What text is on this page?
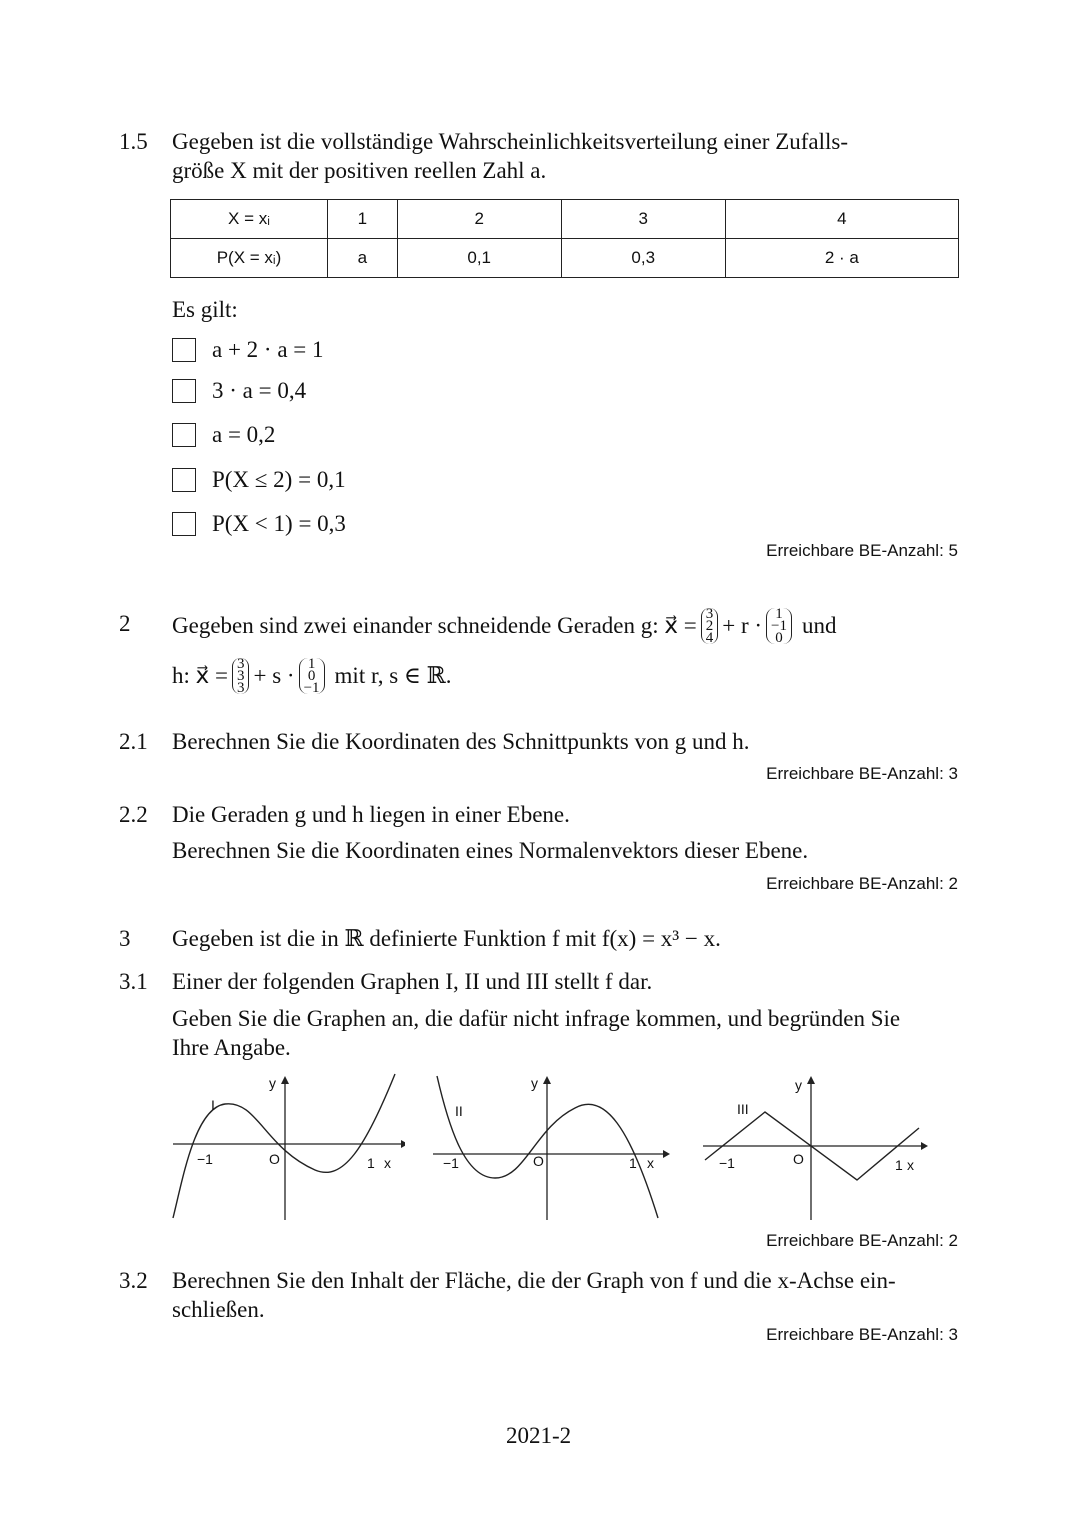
1.5 Gegeben ist die vollständige Wahrscheinlichkeitsverteilung einer Zufalls-
größe X mit der positiven reellen Zahl a.
X = xᵢ	1	2	3	4
P(X = xᵢ)	a	0,1	0,3	2 · a
Es gilt:
a + 2 · a = 1
3 · a = 0,4
a = 0,2
P(X ≤ 2) = 0,1
P(X < 1) = 0,3
Erreichbare BE-Anzahl: 5
2 Gegeben sind zwei einander schneidende Geraden g: x⃗ = 3
2
4 + r · 1
−1
0 und
h: x⃗ = 3
3
3 + s · 1
0
−1 mit r, s ∈ ℝ.
2.1 Berechnen Sie die Koordinaten des Schnittpunkts von g und h.
2.2 Die Geraden g und h liegen in einer Ebene.
Berechnen Sie die Koordinaten eines Normalenvektors dieser Ebene.
3 Gegeben ist die in ℝ definierte Funktion f mit f(x) = x³ − x.
3.1 Einer der folgenden Graphen I, II und III stellt f dar.
Geben Sie die Graphen an, die dafür nicht infrage kommen, und begründen Sie
Ihre Angabe.
3.2 Berechnen Sie den Inhalt der Fläche, die der Graph von f und die x-Achse ein-
schließen.
2021-2
Erreichbare BE-Anzahl: 3
Erreichbare BE-Anzahl: 2
Erreichbare BE-Anzahl: 2
Erreichbare BE-Anzahl: 3
I
y
x
−1	1
O
II
y
x
−1	1
O
III
y
x
−1	1
O
